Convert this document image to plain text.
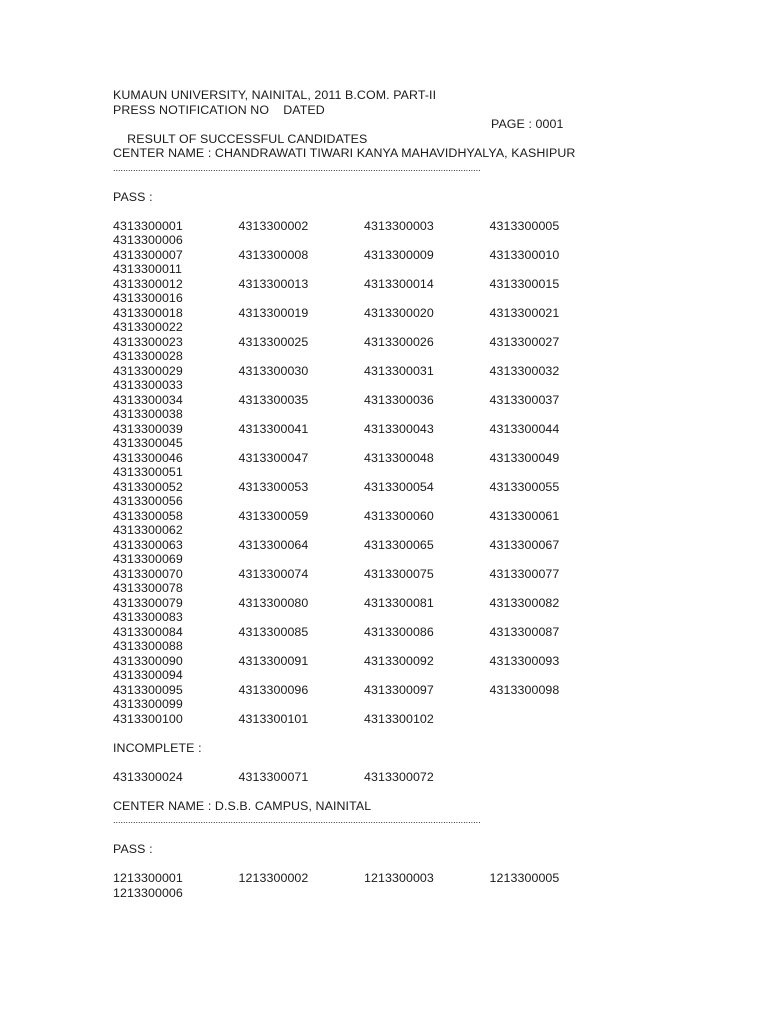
KUMAUN UNIVERSITY, NAINITAL, 2011 B.COM. PART-II
PRESS NOTIFICATION NO    DATED

RESULT OF SUCCESSFUL CANDIDATES

PAGE : 0001

CENTER NAME : CHANDRAWATI TIWARI KANYA MAHAVIDHYALYA, KASHIPUR
...................................................................................................................................................
PASS :
4313300001	4313300002	4313300003	4313300005
4313300006
4313300007	4313300008	4313300009	4313300010
4313300011
4313300012	4313300013	4313300014	4313300015
4313300016
4313300018	4313300019	4313300020	4313300021
4313300022
4313300023	4313300025	4313300026	4313300027
4313300028
4313300029	4313300030	4313300031	4313300032
4313300033
4313300034	4313300035	4313300036	4313300037
4313300038
4313300039	4313300041	4313300043	4313300044
4313300045
4313300046	4313300047	4313300048	4313300049
4313300051
4313300052	4313300053	4313300054	4313300055
4313300056
4313300058	4313300059	4313300060	4313300061
4313300062
4313300063	4313300064	4313300065	4313300067
4313300069
4313300070	4313300074	4313300075	4313300077
4313300078
4313300079	4313300080	4313300081	4313300082
4313300083
4313300084	4313300085	4313300086	4313300087
4313300088
4313300090	4313300091	4313300092	4313300093
4313300094
4313300095	4313300096	4313300097	4313300098
4313300099
4313300100	4313300101	4313300102
INCOMPLETE :
4313300024	4313300071	4313300072
CENTER NAME : D.S.B. CAMPUS, NAINITAL
...................................................................................................................................................
PASS :
1213300001	1213300002	1213300003	1213300005
1213300006
